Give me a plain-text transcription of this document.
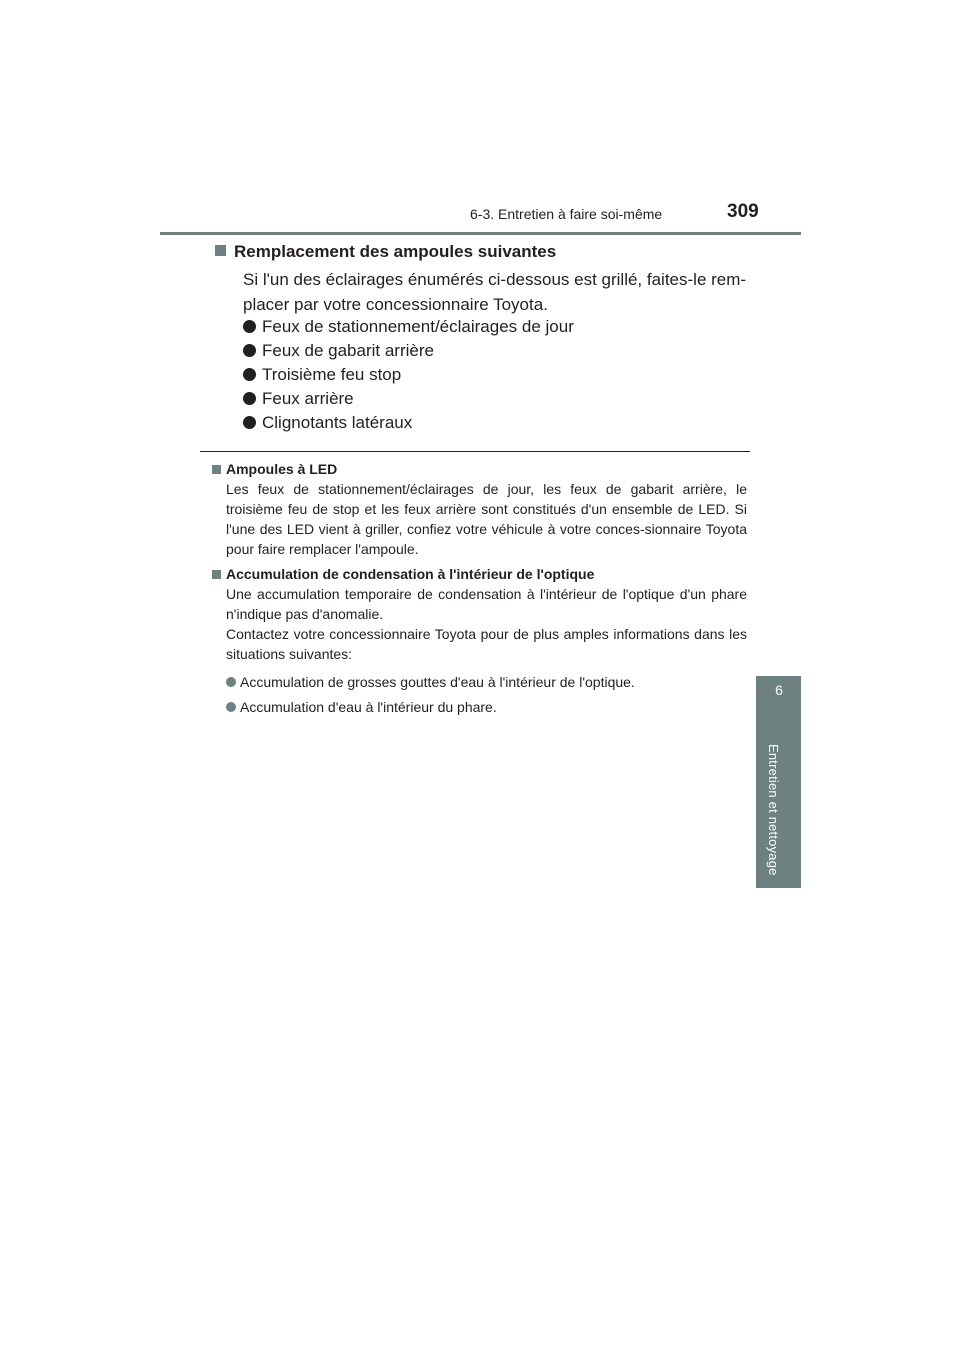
6-3. Entretien à faire soi-même	309
6
Entretien et nettoyage
Remplacement des ampoules suivantes
Si l'un des éclairages énumérés ci-dessous est grillé, faites-le rem-placer par votre concessionnaire Toyota.
Feux de stationnement/éclairages de jour
Feux de gabarit arrière
Troisième feu stop
Feux arrière
Clignotants latéraux
Ampoules à LED
Les feux de stationnement/éclairages de jour, les feux de gabarit arrière, le troisième feu de stop et les feux arrière sont constitués d'un ensemble de LED. Si l'une des LED vient à griller, confiez votre véhicule à votre conces-sionnaire Toyota pour faire remplacer l'ampoule.
Accumulation de condensation à l'intérieur de l'optique

Une accumulation temporaire de condensation à l'intérieur de l'optique d'un phare n'indique pas d'anomalie.

Contactez votre concessionnaire Toyota pour de plus amples informations dans les situations suivantes:

Accumulation de grosses gouttes d'eau à l'intérieur de l'optique.
Accumulation d'eau à l'intérieur du phare.
